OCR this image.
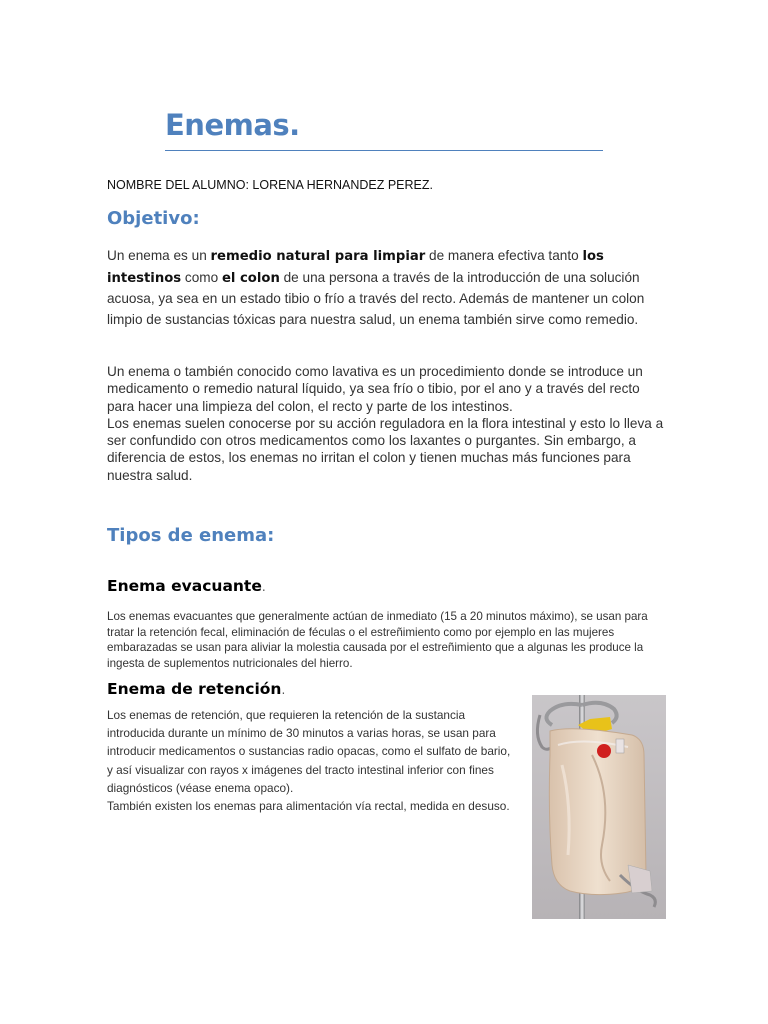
Enemas.
NOMBRE DEL ALUMNO: LORENA HERNANDEZ PEREZ.
Objetivo:
Un enema es un remedio natural para limpiar de manera efectiva tanto los intestinos como el colon de una persona a través de la introducción de una solución acuosa, ya sea en un estado tibio o frío a través del recto. Además de mantener un colon limpio de sustancias tóxicas para nuestra salud, un enema también sirve como remedio.
Un enema o también conocido como lavativa es un procedimiento donde se introduce un medicamento o remedio natural líquido, ya sea frío o tibio, por el ano y a través del recto para hacer una limpieza del colon, el recto y parte de los intestinos.
Los enemas suelen conocerse por su acción reguladora en la flora intestinal y esto lo lleva a ser confundido con otros medicamentos como los laxantes o purgantes. Sin embargo, a diferencia de estos, los enemas no irritan el colon y tienen muchas más funciones para nuestra salud.
Tipos de enema:
Enema evacuante.
Los enemas evacuantes que generalmente actúan de inmediato (15 a 20 minutos máximo), se usan para tratar la retención fecal, eliminación de féculas o el estreñimiento como por ejemplo en las mujeres embarazadas se usan para aliviar la molestia causada por el estreñimiento que a algunas les produce la ingesta de suplementos nutricionales del hierro.
Enema de retención.
Los enemas de retención, que requieren la retención de la sustancia introducida durante un mínimo de 30 minutos a varias horas, se usan para introducir medicamentos o sustancias radio opacas, como el sulfato de bario, y así visualizar con rayos x imágenes del tracto intestinal inferior con fines diagnósticos (véase enema opaco).
También existen los enemas para alimentación vía rectal, medida en desuso.
